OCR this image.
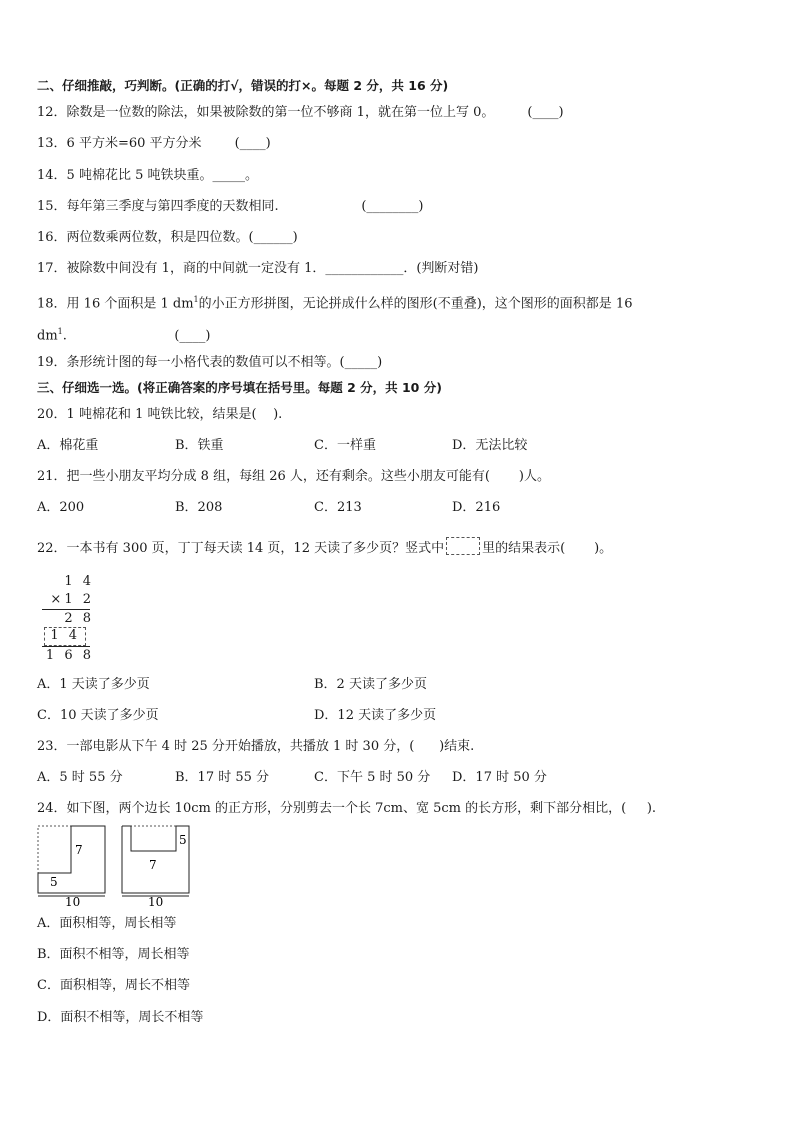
二、仔细推敲，巧判断。(正确的打√，错误的打×。每题 2 分，共 16 分)
12．除数是一位数的除法，如果被除数的第一位不够商 1，就在第一位上写 0。        (____)
13．6 平方米=60 平方分米        (____)
14．5 吨棉花比 5 吨铁块重。_____。
15．每年第三季度与第四季度的天数相同.                    (________)
16．两位数乘两位数，积是四位数。(______)
17．被除数中间没有 1，商的中间就一定没有 1．____________．(判断对错)
18．用 16 个面积是 1 $dm^1$的小正方形拼图，无论拼成什么样的图形(不重叠)，这个图形的面积都是 16
$dm^1$.                          (____)
19．条形统计图的每一小格代表的数值可以不相等。(_____)
三、仔细选一选。(将正确答案的序号填在括号里。每题 2 分，共 10 分)
20．1 吨棉花和 1 吨铁比较，结果是(    ).
A．棉花重	B．铁重	C．一样重	D．无法比较
21．把一些小朋友平均分成 8 组，每组 26 人，还有剩余。这些小朋友可能有(       )人。
A．200	B．208	C．213	D．216
22．一本书有 300 页，丁丁每天读 14 页，12 天读了多少页？竖式中	里的结果表示(       )。
1 4
×1 2
2 8
1 4
1 6 8
A．1 天读了多少页	B．2 天读了多少页
C．10 天读了多少页	D．12 天读了多少页
23．一部电影从下午 4 时 25 分开始播放，共播放 1 时 30 分，(      )结束.
A．5 时 55 分	B．17 时 55 分	C．下午 5 时 50 分 D．17 时 50 分
24．如下图，两个边长 10cm 的正方形，分别剪去一个长 7cm、宽 5cm 的长方形，剩下部分相比，(     ).
7
5
10
5
7
10
A．面积相等，周长相等
B．面积不相等，周长相等
C．面积相等，周长不相等
D．面积不相等，周长不相等
